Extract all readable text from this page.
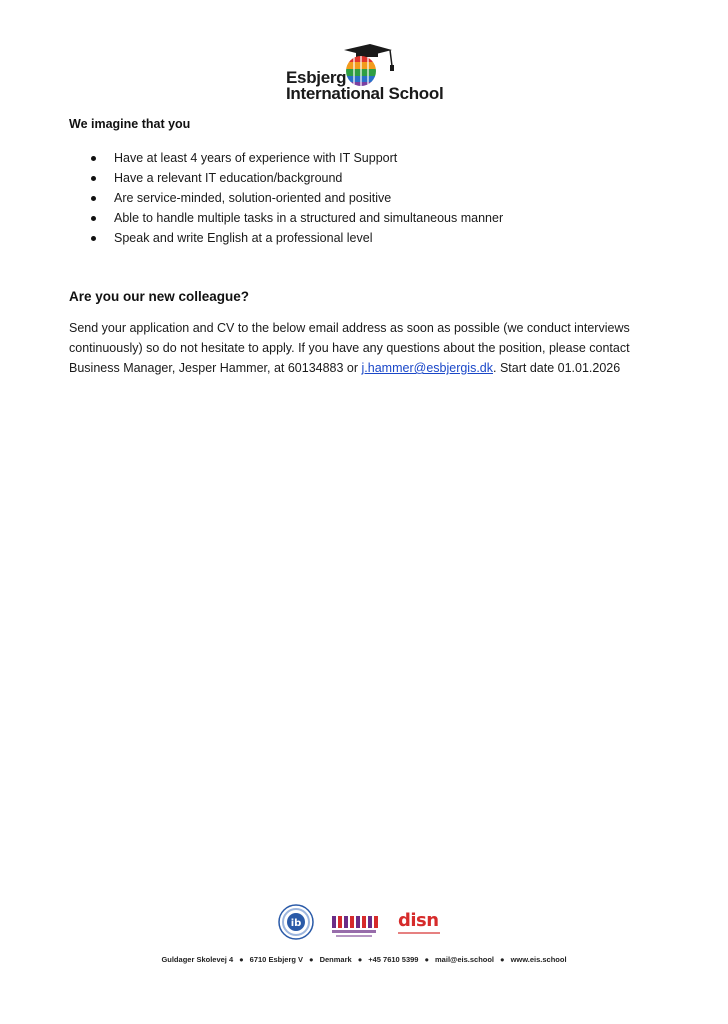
Esbjerg
International School
We imagine that you
Have at least 4 years of experience with IT Support
Have a relevant IT education/background
Are service-minded, solution-oriented and positive
Able to handle multiple tasks in a structured and simultaneous manner
Speak and write English at a professional level
Are you our new colleague?

Send your application and CV to the below email address as soon as possible (we conduct interviews
continuously) so do not hesitate to apply. If you have any questions about the position, please contact
Business Manager, Jesper Hammer, at 60134883 or j.hammer@esbjergis.dk. Start date 01.01.2026

ib	disn
Guldager Skolevej 4 ● 6710 Esbjerg V ● Denmark ● +45 7610 5399 ● mail@eis.school ● www.eis.school
